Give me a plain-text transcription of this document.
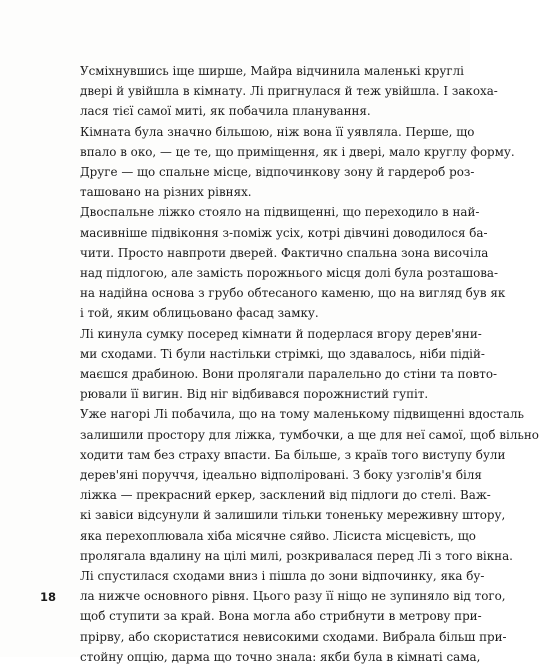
Усміхнувшись іще ширше, Майра відчинила маленькі круглі
двері й увійшла в кімнату. Лі пригнулася й теж увійшла. І закоха-
лася тієї самої миті, як побачила планування.

Кімната була значно більшою, ніж вона її уявляла. Перше, що
впало в око, — це те, що приміщення, як і двері, мало круглу форму.
Друге — що спальне місце, відпочинкову зону й гардероб роз-
ташовано на різних рівнях.

Двоспальне ліжко стояло на підвищенні, що переходило в най-
масивніше підвіконня з-поміж усіх, котрі дівчині доводилося ба-
чити. Просто навпроти дверей. Фактично спальна зона височіла
над підлогою, але замість порожнього місця долі була розташова-
на надійна основа з грубо обтесаного каменю, що на вигляд був як
і той, яким облицьовано фасад замку.

Лі кинула сумку посеред кімнати й подерлася вгору дерев'яни-
ми сходами. Ті були настільки стрімкі, що здавалось, ніби підій-
маєшся драбиною. Вони пролягали паралельно до стіни та повто-
рювали її вигин. Від ніг відбивався порожнистий гупіт.

Уже нагорі Лі побачила, що на тому маленькому підвищенні вдосталь
залишили простору для ліжка, тумбочки, а ще для неї самої, щоб вільно
ходити там без страху впасти. Ба більше, з країв того виступу були
дерев'яні поруччя, ідеально відполіровані. З боку узголів'я біля
ліжка — прекрасний еркер, засклений від підлоги до стелі. Важ-
кі завіси відсунули й залишили тільки тоненьку мереживну штору,
яка перехоплювала хіба місячне сяйво. Лісиста місцевість, що
пролягала вдалину на цілі милі, розкривалася перед Лі з того вікна.

Лі спустилася сходами вниз і пішла до зони відпочинку, яка бу-
ла нижче основного рівня. Цього разу її ніщо не зупиняло від того,
щоб ступити за край. Вона могла або стрибнути в метрову при-
прірву, або скористатися невисокими сходами. Вибрала більш при-
стойну опцію, дарма що точно знала: якби була в кімнаті сама,

18
